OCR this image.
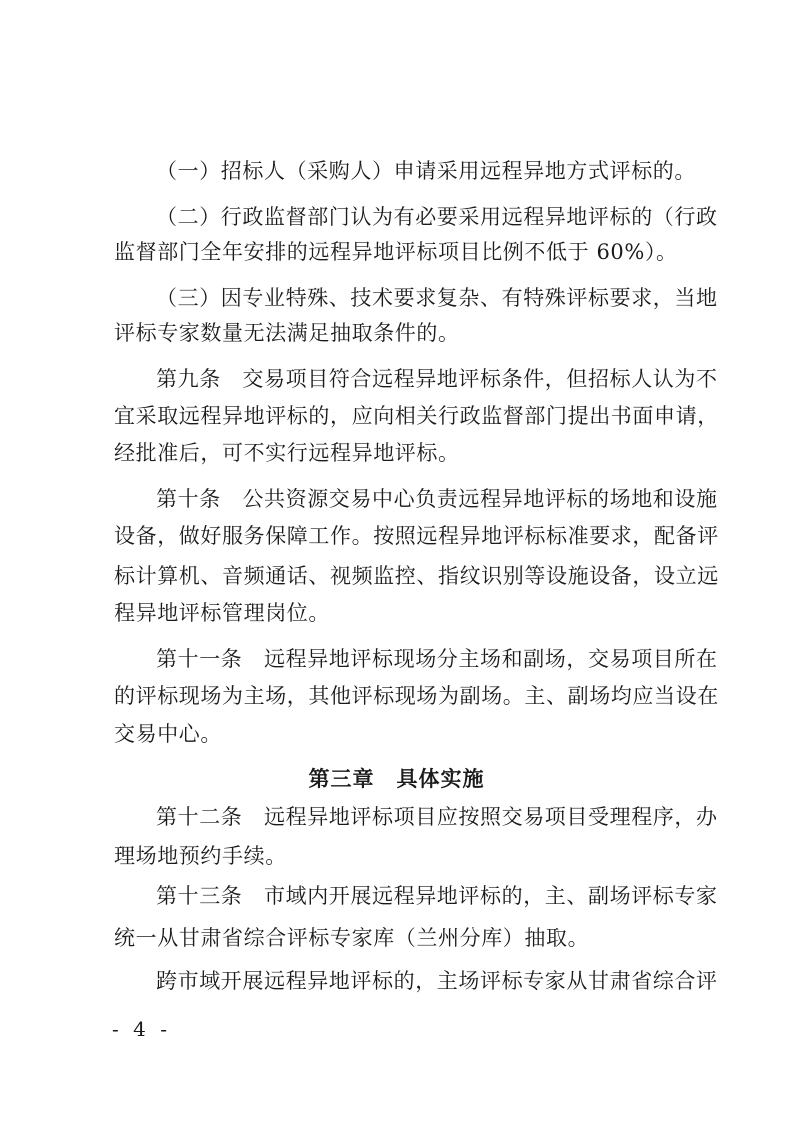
（一）招标人（采购人）申请采用远程异地方式评标的。
（二）行政监督部门认为有必要采用远程异地评标的（行政
监督部门全年安排的远程异地评标项目比例不低于 60%）。
（三）因专业特殊、技术要求复杂、有特殊评标要求，当地
评标专家数量无法满足抽取条件的。
第九条　交易项目符合远程异地评标条件，但招标人认为不
宜采取远程异地评标的，应向相关行政监督部门提出书面申请，
经批准后，可不实行远程异地评标。
第十条　公共资源交易中心负责远程异地评标的场地和设施
设备，做好服务保障工作。按照远程异地评标标准要求，配备评
标计算机、音频通话、视频监控、指纹识别等设施设备，设立远
程异地评标管理岗位。
第十一条　远程异地评标现场分主场和副场，交易项目所在
的评标现场为主场，其他评标现场为副场。主、副场均应当设在
交易中心。
第三章　具体实施
第十二条　远程异地评标项目应按照交易项目受理程序，办
理场地预约手续。
第十三条　市域内开展远程异地评标的，主、副场评标专家
统一从甘肃省综合评标专家库（兰州分库）抽取。
跨市域开展远程异地评标的，主场评标专家从甘肃省综合评
- 4 -
